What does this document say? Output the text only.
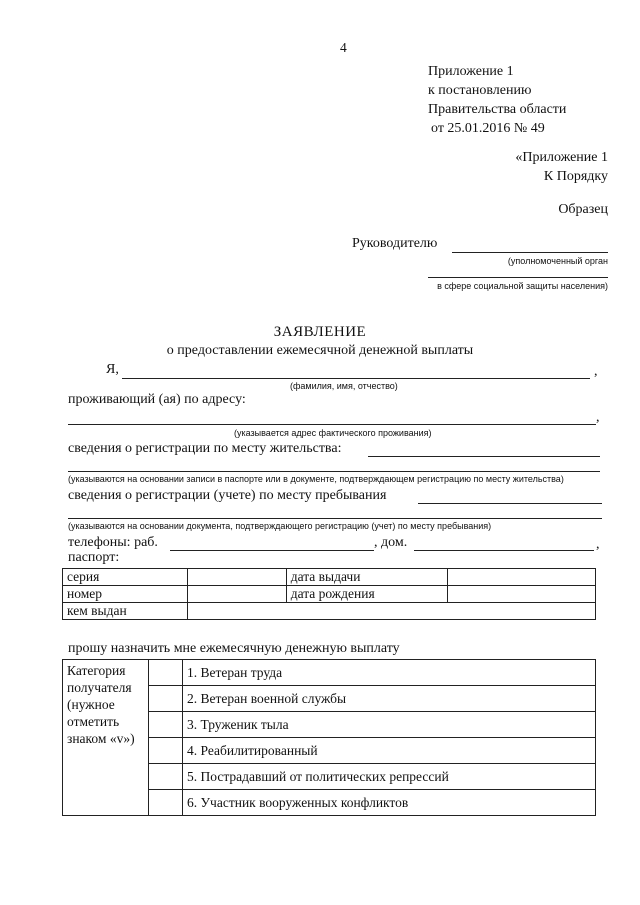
4
Приложение 1
к постановлению
Правительства области
от 25.01.2016 № 49
«Приложение 1
К Порядку
Образец
Руководителю
(уполномоченный орган
в сфере социальной защиты населения)
ЗАЯВЛЕНИЕ
о предоставлении ежемесячной денежной выплаты
Я,	,
(фамилия, имя, отчество)
проживающий (ая) по адресу:
,
(указывается адрес фактического проживания)
сведения о регистрации по месту жительства:
(указываются на основании записи в паспорте или в документе, подтверждающем регистрацию по месту жительства)
сведения о регистрации (учете) по месту пребывания
(указываются на основании документа, подтверждающего регистрацию (учет) по месту пребывания)
телефоны: раб.	, дом.	,
паспорт:
серия		дата выдачи	
номер		дата рождения	
кем выдан			
прошу назначить мне ежемесячную денежную выплату
Категория
получателя
(нужное
отметить
знаком «v»)		1. Ветеран труда
		2. Ветеран военной службы
		3. Труженик тыла
		4. Реабилитированный
		5. Пострадавший от политических репрессий
		6. Участник вооруженных конфликтов
